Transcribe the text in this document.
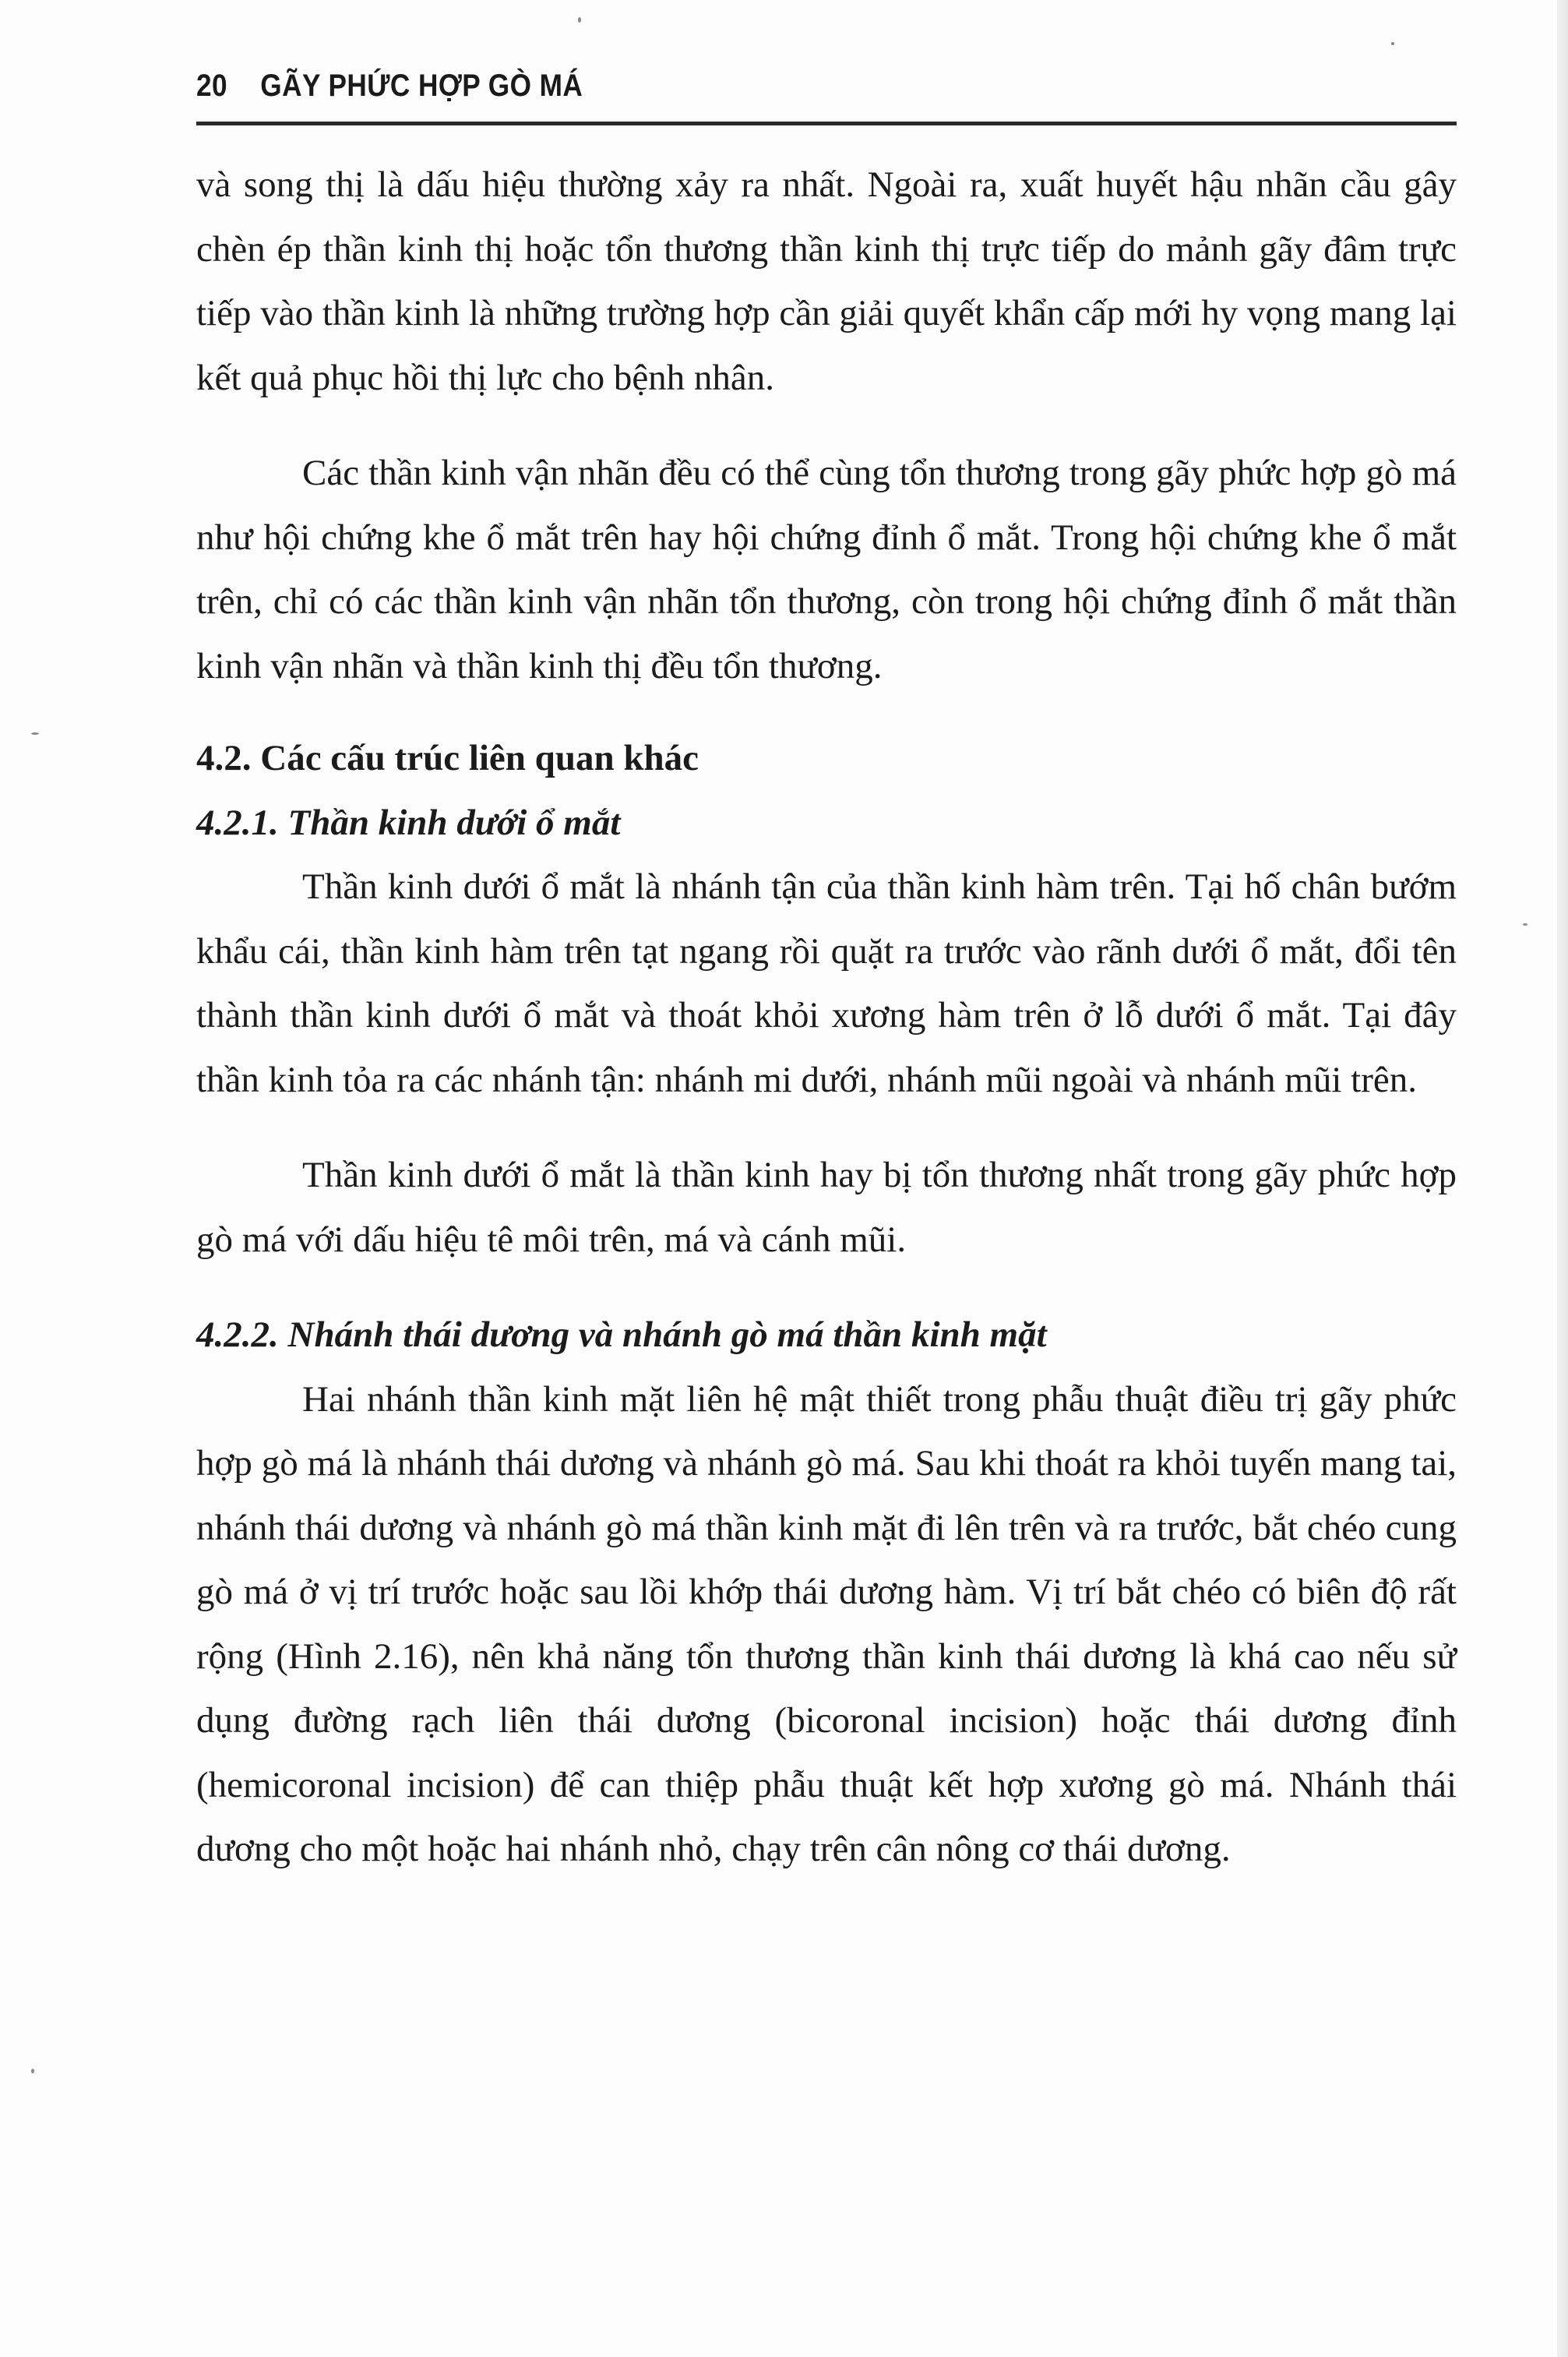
20 GÃY PHỨC HỢP GÒ MÁ

và song thị là dấu hiệu thường xảy ra nhất. Ngoài ra, xuất huyết hậu nhãn cầu gây chèn ép thần kinh thị hoặc tổn thương thần kinh thị trực tiếp do mảnh gãy đâm trực tiếp vào thần kinh là những trường hợp cần giải quyết khẩn cấp mới hy vọng mang lại kết quả phục hồi thị lực cho bệnh nhân.

Các thần kinh vận nhãn đều có thể cùng tổn thương trong gãy phức hợp gò má như hội chứng khe ổ mắt trên hay hội chứng đỉnh ổ mắt. Trong hội chứng khe ổ mắt trên, chỉ có các thần kinh vận nhãn tổn thương, còn trong hội chứng đỉnh ổ mắt thần kinh vận nhãn và thần kinh thị đều tổn thương.

4.2. Các cấu trúc liên quan khác

4.2.1. Thần kinh dưới ổ mắt

Thần kinh dưới ổ mắt là nhánh tận của thần kinh hàm trên. Tại hố chân bướm khẩu cái, thần kinh hàm trên tạt ngang rồi quặt ra trước vào rãnh dưới ổ mắt, đổi tên thành thần kinh dưới ổ mắt và thoát khỏi xương hàm trên ở lỗ dưới ổ mắt. Tại đây thần kinh tỏa ra các nhánh tận: nhánh mi dưới, nhánh mũi ngoài và nhánh mũi trên.

Thần kinh dưới ổ mắt là thần kinh hay bị tổn thương nhất trong gãy phức hợp gò má với dấu hiệu tê môi trên, má và cánh mũi.

4.2.2. Nhánh thái dương và nhánh gò má thần kinh mặt

Hai nhánh thần kinh mặt liên hệ mật thiết trong phẫu thuật điều trị gãy phức hợp gò má là nhánh thái dương và nhánh gò má. Sau khi thoát ra khỏi tuyến mang tai, nhánh thái dương và nhánh gò má thần kinh mặt đi lên trên và ra trước, bắt chéo cung gò má ở vị trí trước hoặc sau lồi khớp thái dương hàm. Vị trí bắt chéo có biên độ rất rộng (Hình 2.16), nên khả năng tổn thương thần kinh thái dương là khá cao nếu sử dụng đường rạch liên thái dương (bicoronal incision) hoặc thái dương đỉnh (hemicoronal incision) để can thiệp phẫu thuật kết hợp xương gò má. Nhánh thái dương cho một hoặc hai nhánh nhỏ, chạy trên cân nông cơ thái dương.
